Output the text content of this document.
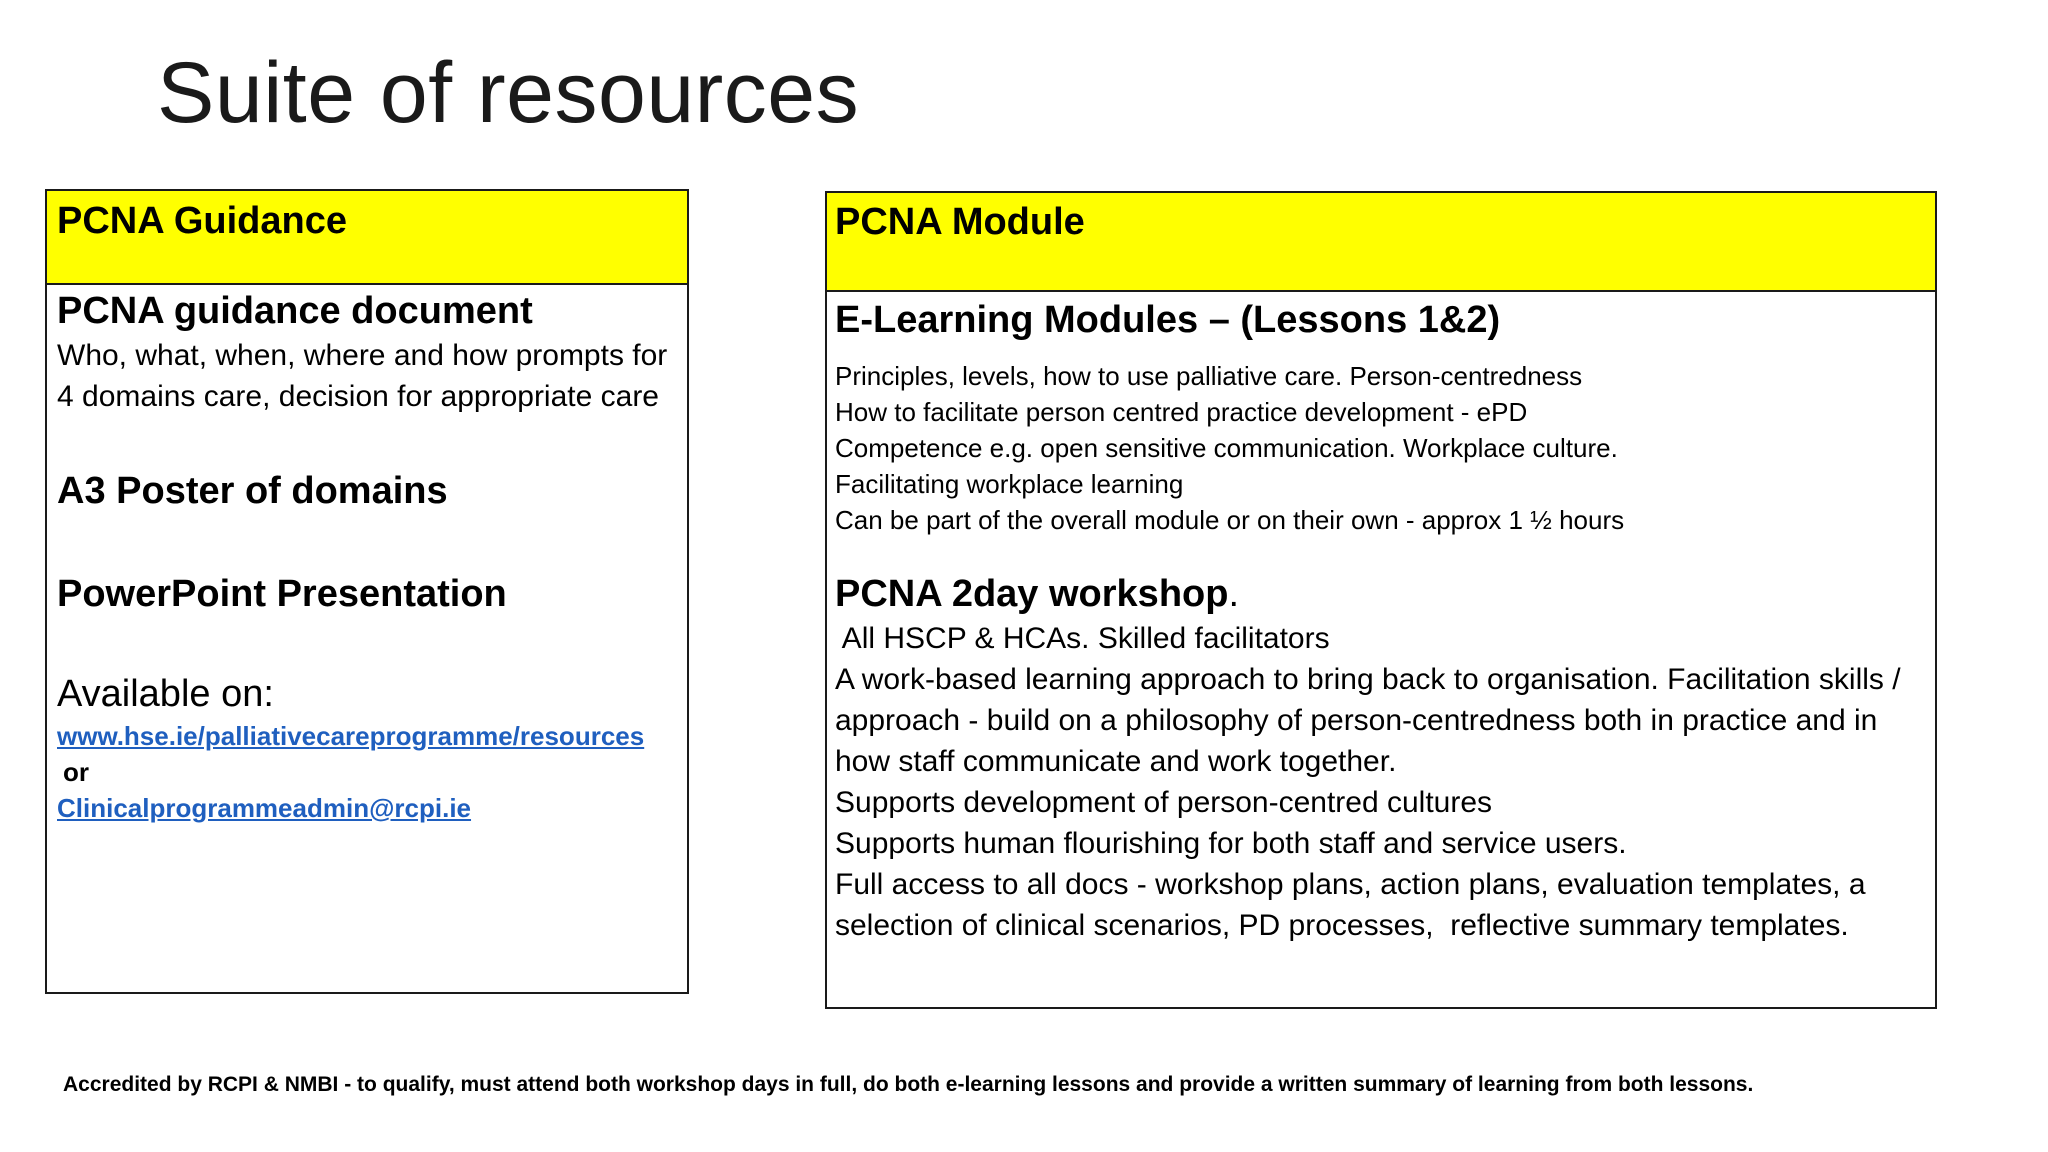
Suite of resources
PCNA Guidance
PCNA guidance document
Who, what, when, where and how prompts for 4 domains care, decision for appropriate care
A3 Poster of domains
PowerPoint Presentation
Available on:
www.hse.ie/palliativecareprogramme/resources
or
Clinicalprogrammeadmin@rcpi.ie
PCNA Module
E-Learning Modules – (Lessons 1&2)
Principles, levels, how to use palliative care. Person-centredness
How to facilitate person centred practice development - ePD
Competence e.g. open sensitive communication. Workplace culture.
Facilitating workplace learning
Can be part of the overall module or on their own - approx 1 ½ hours
PCNA 2day workshop.
All HSCP & HCAs. Skilled facilitators
A work-based learning approach to bring back to organisation. Facilitation skills / approach - build on a philosophy of person-centredness both in practice and in how staff communicate and work together.
Supports development of person-centred cultures
Supports human flourishing for both staff and service users.
Full access to all docs - workshop plans, action plans, evaluation templates, a selection of clinical scenarios, PD processes,  reflective summary templates.
Accredited by RCPI & NMBI - to qualify, must attend both workshop days in full, do both e-learning lessons and provide a written summary of learning from both lessons.
